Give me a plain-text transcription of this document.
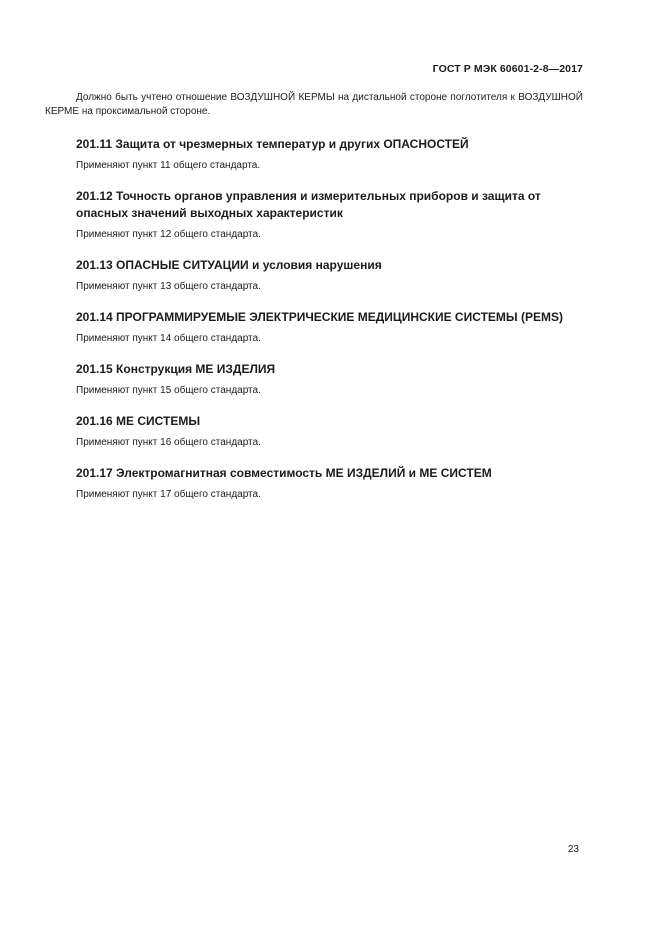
ГОСТ Р МЭК 60601-2-8—2017

Должно быть учтено отношение ВОЗДУШНОЙ КЕРМЫ на дистальной стороне поглотителя к ВОЗДУШНОЙ КЕРМЕ на проксимальной стороне.

201.11 Защита от чрезмерных температур и других ОПАСНОСТЕЙ

Применяют пункт 11 общего стандарта.

201.12 Точность органов управления и измерительных приборов и защита от опасных значений выходных характеристик

Применяют пункт 12 общего стандарта.

201.13 ОПАСНЫЕ СИТУАЦИИ и условия нарушения

Применяют пункт 13 общего стандарта.

201.14 ПРОГРАММИРУЕМЫЕ ЭЛЕКТРИЧЕСКИЕ МЕДИЦИНСКИЕ СИСТЕМЫ (PEMS)

Применяют пункт 14 общего стандарта.

201.15 Конструкция МЕ ИЗДЕЛИЯ

Применяют пункт 15 общего стандарта.

201.16 МЕ СИСТЕМЫ

Применяют пункт 16 общего стандарта.

201.17 Электромагнитная совместимость МЕ ИЗДЕЛИЙ и МЕ СИСТЕМ

Применяют пункт 17 общего стандарта.

23
